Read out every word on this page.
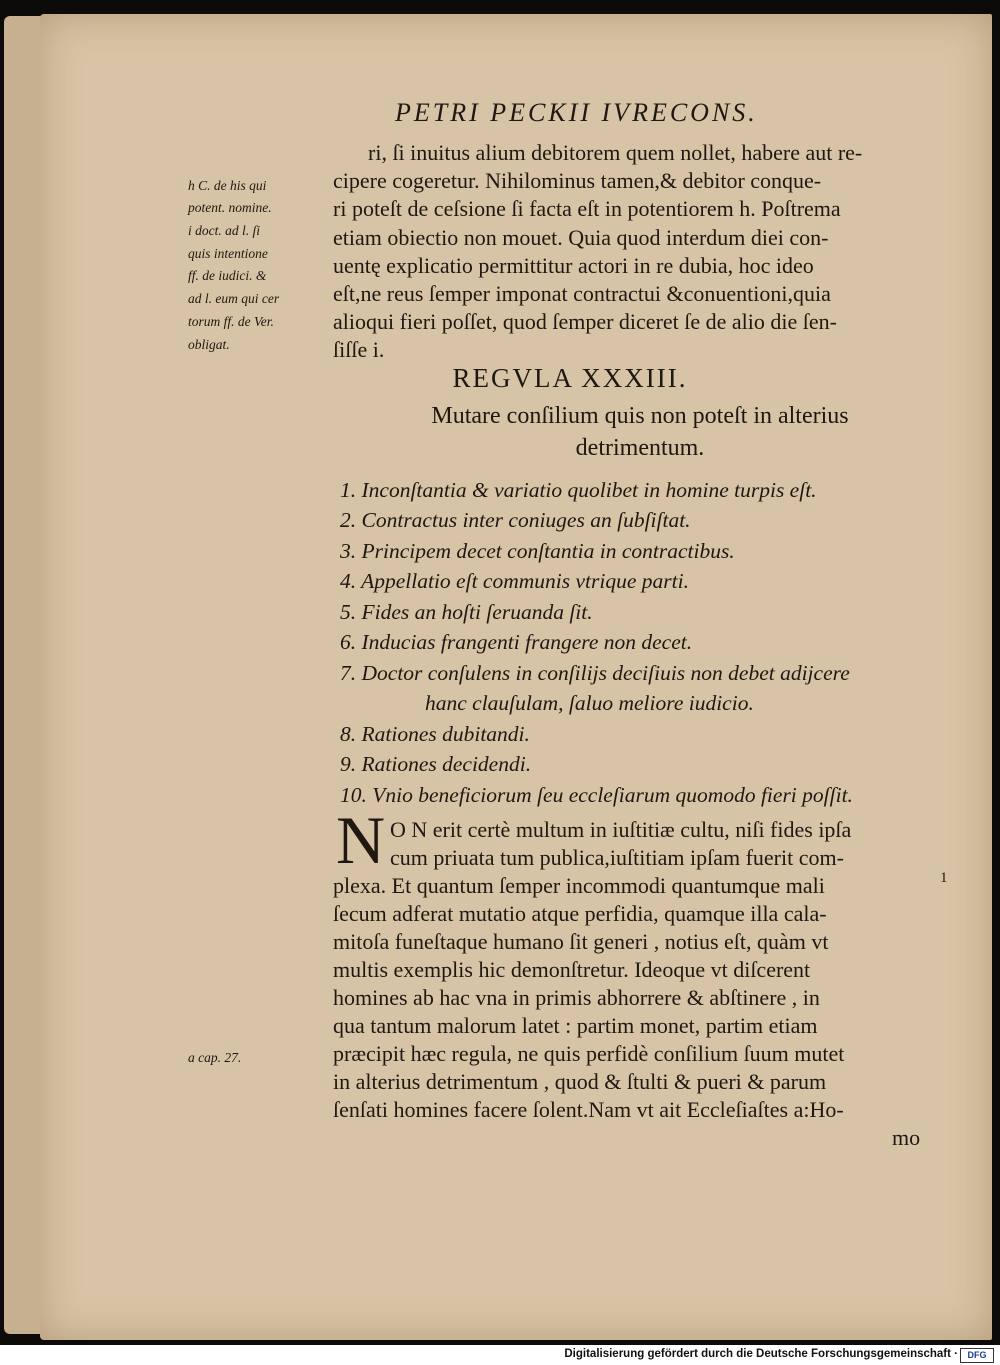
PETRI PECKII IVRECONS.
h C. de his qui
potent. nomine.
i doct. ad l. ſi
quis intentione
ff. de iudici. &
ad l. eum qui cer
torum ff. de Ver.
obligat.
a cap. 27.
ri, ſi inuitus alium debitorem quem nollet, habere aut re-
cipere cogeretur. Nihilominus tamen,& debitor conque-
ri poteſt de ceſsione ſi facta eſt in potentiorem h. Poſtrema
etiam obiectio non mouet. Quia quod interdum diei con-
uentę explicatio permittitur actori in re dubia, hoc ideo
eſt,ne reus ſemper imponat contractui &conuentioni,quia
alioqui fieri poſſet, quod ſemper diceret ſe de alio die ſen-
ſiſſe i.
REGVLA XXXIII.
Mutare conſilium quis non poteſt in alterius
detrimentum.
1. Inconſtantia & variatio quolibet in homine turpis eſt.
2. Contractus inter coniuges an ſubſiſtat.
3. Principem decet conſtantia in contractibus.
4. Appellatio eſt communis vtrique parti.
5. Fides an hoſti ſeruanda ſit.
6. Inducias frangenti frangere non decet.
7. Doctor conſulens in conſilijs deciſiuis non debet adijcere
hanc clauſulam, ſaluo meliore iudicio.
8. Rationes dubitandi.
9. Rationes decidendi.
10. Vnio beneficiorum ſeu eccleſiarum quomodo fieri poſſit.
N O N erit certè multum in iuſtitiæ cultu, niſi fides ipſa
cum priuata tum publica,iuſtitiam ipſam fuerit com-
plexa. Et quantum ſemper incommodi quantumque mali
ſecum adferat mutatio atque perfidia, quamque illa cala-
mitoſa funeſtaque humano ſit generi , notius eſt, quàm vt
multis exemplis hic demonſtretur. Ideoque vt diſcerent
homines ab hac vna in primis abhorrere & abſtinere , in
qua tantum malorum latet : partim monet, partim etiam
præcipit hæc regula, ne quis perfidè conſilium ſuum mutet
in alterius detrimentum , quod & ſtulti & pueri & parum
ſenſati homines facere ſolent.Nam vt ait Eccleſiaſtes a:Ho-
mo
1
Digitalisierung gefördert durch die Deutsche Forschungsgemeinschaft ·	DFG
